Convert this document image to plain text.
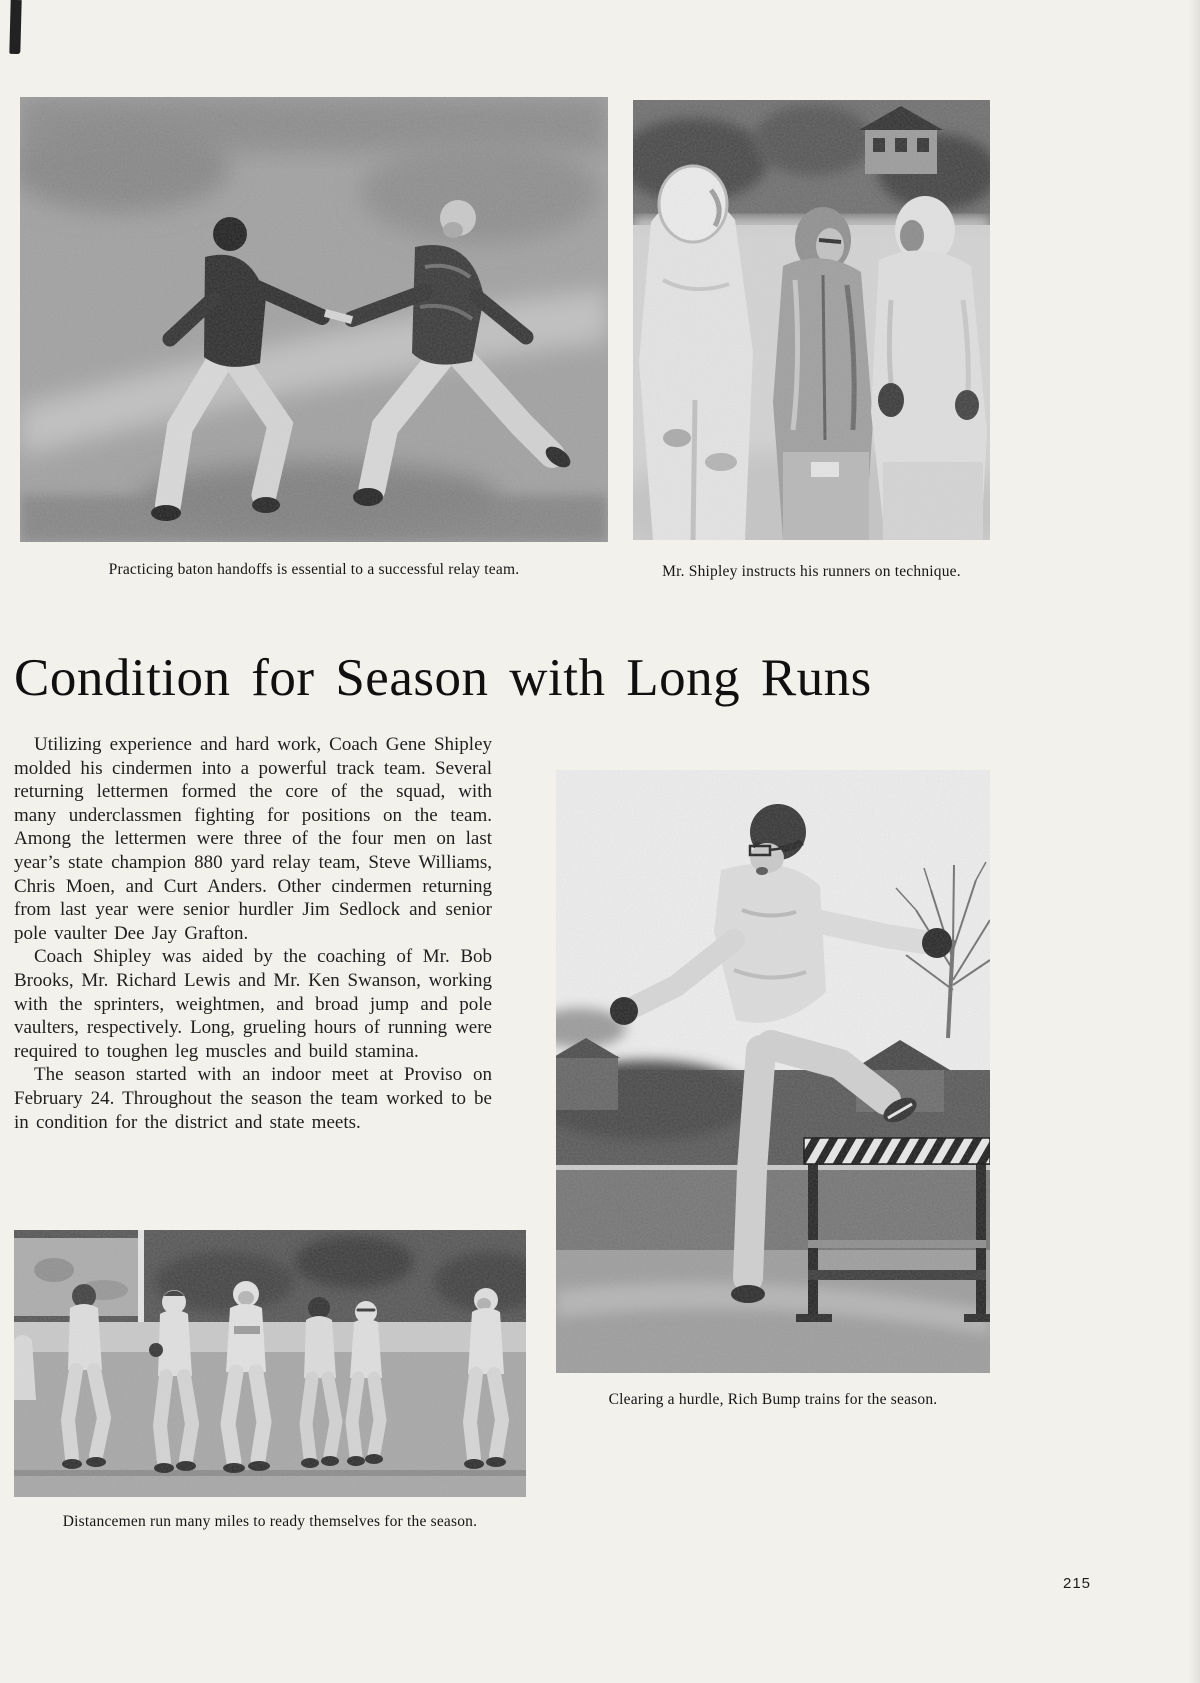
Practicing baton handoffs is essential to a successful relay team.	Mr. Shipley instructs his runners on technique.
Condition for Season with Long Runs

Utilizing experience and hard work, Coach Gene Shipley molded his cindermen into a powerful track team. Several returning lettermen formed the core of the squad, with many underclassmen fighting for positions on the team. Among the lettermen were three of the four men on last year’s state champion 880 yard relay team, Steve Williams, Chris Moen, and Curt Anders. Other cindermen returning from last year were senior hurdler Jim Sedlock and senior pole vaulter Dee Jay Grafton.

Coach Shipley was aided by the coaching of Mr. Bob Brooks, Mr. Richard Lewis and Mr. Ken Swanson, working with the sprinters, weightmen, and broad jump and pole vaulters, respectively. Long, grueling hours of running were required to toughen leg muscles and build stamina.

The season started with an indoor meet at Proviso on February 24. Throughout the season the team worked to be in condition for the district and state meets.

Clearing a hurdle, Rich Bump trains for the season.
Distancemen run many miles to ready themselves for the season.
215
